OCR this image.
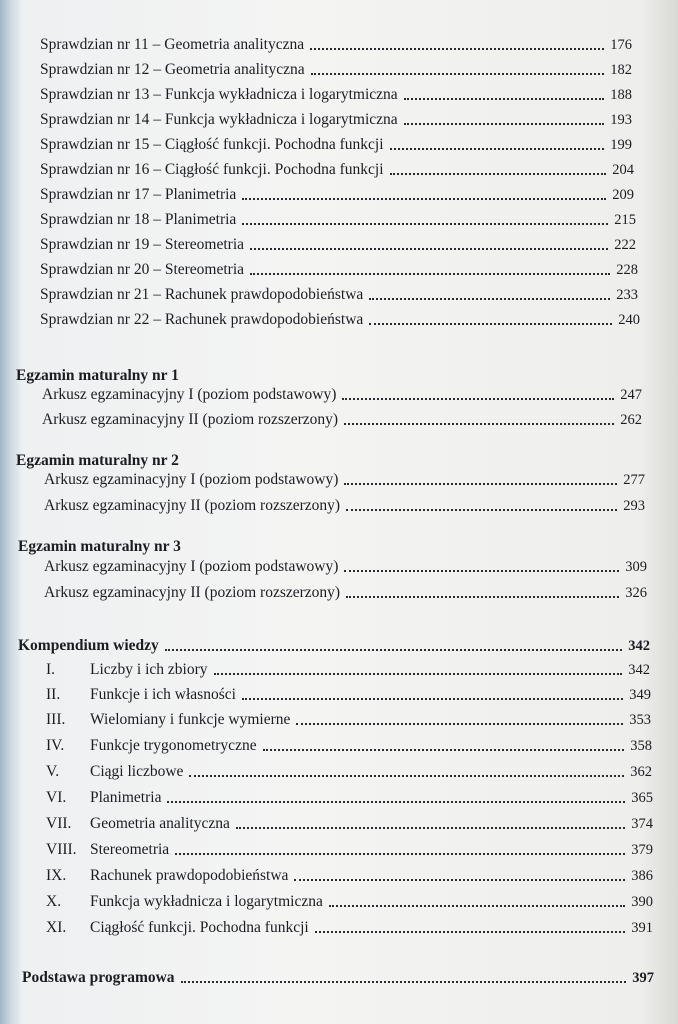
Sprawdzian nr 11 – Geometria analityczna	176
Sprawdzian nr 12 – Geometria analityczna	182
Sprawdzian nr 13 – Funkcja wykładnicza i logarytmiczna	188
Sprawdzian nr 14 – Funkcja wykładnicza i logarytmiczna	193
Sprawdzian nr 15 – Ciągłość funkcji. Pochodna funkcji	199
Sprawdzian nr 16 – Ciągłość funkcji. Pochodna funkcji	204
Sprawdzian nr 17 – Planimetria	209
Sprawdzian nr 18 – Planimetria	215
Sprawdzian nr 19 – Stereometria	222
Sprawdzian nr 20 – Stereometria	228
Sprawdzian nr 21 – Rachunek prawdopodobieństwa	233
Sprawdzian nr 22 – Rachunek prawdopodobieństwa	240
Egzamin maturalny nr 1
Arkusz egzaminacyjny I (poziom podstawowy)	247
Arkusz egzaminacyjny II (poziom rozszerzony)	262
Egzamin maturalny nr 2
Arkusz egzaminacyjny I (poziom podstawowy)	277
Arkusz egzaminacyjny II (poziom rozszerzony)	293
Egzamin maturalny nr 3
Arkusz egzaminacyjny I (poziom podstawowy)	309
Arkusz egzaminacyjny II (poziom rozszerzony)	326
Kompendium wiedzy	342
I. Liczby i ich zbiory	342
II. Funkcje i ich własności	349
III. Wielomiany i funkcje wymierne	353
IV. Funkcje trygonometryczne	358
V. Ciągi liczbowe	362
VI. Planimetria	365
VII. Geometria analityczna	374
VIII. Stereometria	379
IX. Rachunek prawdopodobieństwa	386
X. Funkcja wykładnicza i logarytmiczna	390
XI. Ciągłość funkcji. Pochodna funkcji	391
Podstawa programowa	397
